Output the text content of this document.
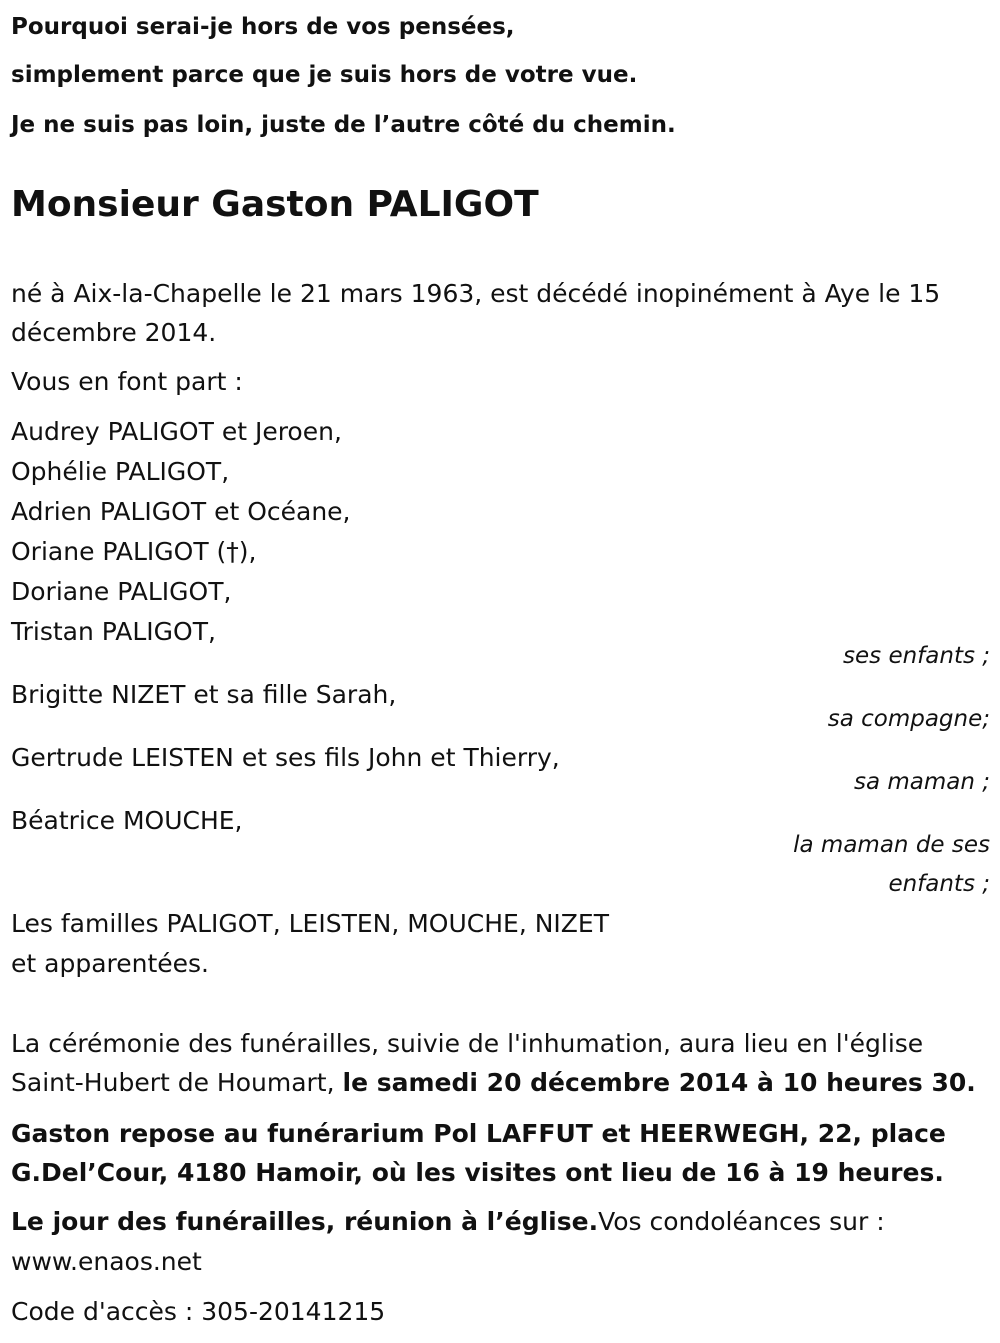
Pourquoi serai-je hors de vos pensées,
simplement parce que je suis hors de votre vue.
Je ne suis pas loin, juste de l’autre côté du chemin.
Monsieur Gaston PALIGOT
né à Aix-la-Chapelle le 21 mars 1963, est décédé inopinément à Aye le 15
décembre 2014.
Vous en font part :
Audrey PALIGOT et Jeroen,
Ophélie PALIGOT,
Adrien PALIGOT et Océane,
Oriane PALIGOT (†),
Doriane PALIGOT,
Tristan PALIGOT,
ses enfants ;
Brigitte NIZET et sa fille Sarah,
sa compagne;
Gertrude LEISTEN et ses fils John et Thierry,
sa maman ;
Béatrice MOUCHE,
la maman de ses
enfants ;
Les familles PALIGOT, LEISTEN, MOUCHE, NIZET
et apparentées.
La cérémonie des funérailles, suivie de l'inhumation, aura lieu en l'église
Saint-Hubert de Houmart, le samedi 20 décembre 2014 à 10 heures 30.
Gaston repose au funérarium Pol LAFFUT et HEERWEGH, 22, place
G.Del’Cour, 4180 Hamoir, où les visites ont lieu de 16 à 19 heures.
Le jour des funérailles, réunion à l’église.Vos condoléances sur :
www.enaos.net
Code d'accès : 305-20141215
